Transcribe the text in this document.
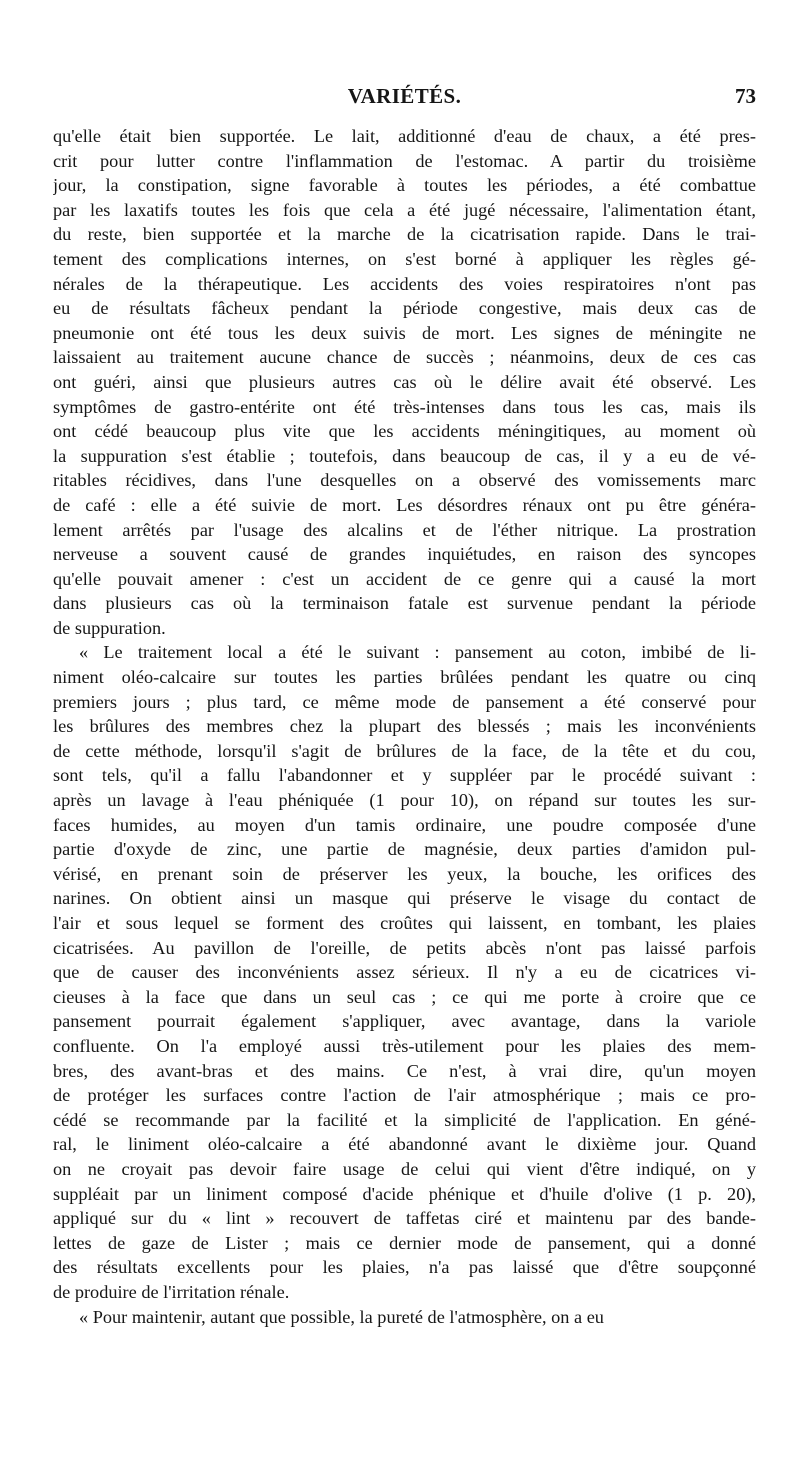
VARIÉTÉS.	73
qu'elle était bien supportée. Le lait, additionné d'eau de chaux, a été pres-
crit pour lutter contre l'inflammation de l'estomac. A partir du troisième
jour, la constipation, signe favorable à toutes les périodes, a été combattue
par les laxatifs toutes les fois que cela a été jugé nécessaire, l'alimentation étant,
du reste, bien supportée et la marche de la cicatrisation rapide. Dans le trai-
tement des complications internes, on s'est borné à appliquer les règles gé-
nérales de la thérapeutique. Les accidents des voies respiratoires n'ont pas
eu de résultats fâcheux pendant la période congestive, mais deux cas de
pneumonie ont été tous les deux suivis de mort. Les signes de méningite ne
laissaient au traitement aucune chance de succès ; néanmoins, deux de ces cas
ont guéri, ainsi que plusieurs autres cas où le délire avait été observé. Les
symptômes de gastro-entérite ont été très-intenses dans tous les cas, mais ils
ont cédé beaucoup plus vite que les accidents méningitiques, au moment où
la suppuration s'est établie ; toutefois, dans beaucoup de cas, il y a eu de vé-
ritables récidives, dans l'une desquelles on a observé des vomissements marc
de café : elle a été suivie de mort. Les désordres rénaux ont pu être généra-
lement arrêtés par l'usage des alcalins et de l'éther nitrique. La prostration
nerveuse a souvent causé de grandes inquiétudes, en raison des syncopes
qu'elle pouvait amener : c'est un accident de ce genre qui a causé la mort
dans plusieurs cas où la terminaison fatale est survenue pendant la période
de suppuration.
« Le traitement local a été le suivant : pansement au coton, imbibé de li-
niment oléo-calcaire sur toutes les parties brûlées pendant les quatre ou cinq
premiers jours ; plus tard, ce même mode de pansement a été conservé pour
les brûlures des membres chez la plupart des blessés ; mais les inconvénients
de cette méthode, lorsqu'il s'agit de brûlures de la face, de la tête et du cou,
sont tels, qu'il a fallu l'abandonner et y suppléer par le procédé suivant :
après un lavage à l'eau phéniquée (1 pour 10), on répand sur toutes les sur-
faces humides, au moyen d'un tamis ordinaire, une poudre composée d'une
partie d'oxyde de zinc, une partie de magnésie, deux parties d'amidon pul-
vérisé, en prenant soin de préserver les yeux, la bouche, les orifices des
narines. On obtient ainsi un masque qui préserve le visage du contact de
l'air et sous lequel se forment des croûtes qui laissent, en tombant, les plaies
cicatrisées. Au pavillon de l'oreille, de petits abcès n'ont pas laissé parfois
que de causer des inconvénients assez sérieux. Il n'y a eu de cicatrices vi-
cieuses à la face que dans un seul cas ; ce qui me porte à croire que ce
pansement pourrait également s'appliquer, avec avantage, dans la variole
confluente. On l'a employé aussi très-utilement pour les plaies des mem-
bres, des avant-bras et des mains. Ce n'est, à vrai dire, qu'un moyen
de protéger les surfaces contre l'action de l'air atmosphérique ; mais ce pro-
cédé se recommande par la facilité et la simplicité de l'application. En géné-
ral, le liniment oléo-calcaire a été abandonné avant le dixième jour. Quand
on ne croyait pas devoir faire usage de celui qui vient d'être indiqué, on y
suppléait par un liniment composé d'acide phénique et d'huile d'olive (1 p. 20),
appliqué sur du « lint » recouvert de taffetas ciré et maintenu par des bande-
lettes de gaze de Lister ; mais ce dernier mode de pansement, qui a donné
des résultats excellents pour les plaies, n'a pas laissé que d'être soupçonné
de produire de l'irritation rénale.
« Pour maintenir, autant que possible, la pureté de l'atmosphère, on a eu
